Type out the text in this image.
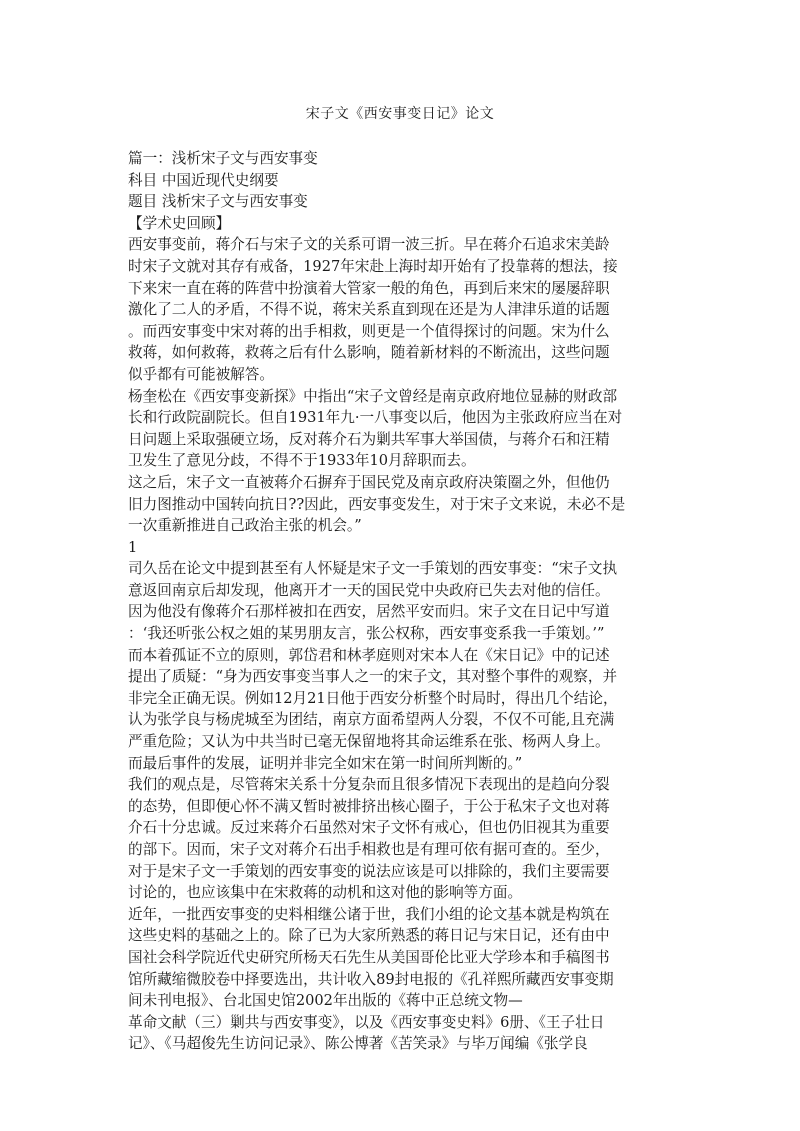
宋子文《西安事变日记》论文
篇一：浅析宋子文与西安事变
科目 中国近现代史纲要
题目 浅析宋子文与西安事变
【学术史回顾】
西安事变前，蒋介石与宋子文的关系可谓一波三折。早在蒋介石追求宋美龄
时宋子文就对其存有戒备，1927年宋赴上海时却开始有了投靠蒋的想法，接
下来宋一直在蒋的阵营中扮演着大管家一般的角色，再到后来宋的屡屡辞职
激化了二人的矛盾，不得不说，蒋宋关系直到现在还是为人津津乐道的话题
。而西安事变中宋对蒋的出手相救，则更是一个值得探讨的问题。宋为什么
救蒋，如何救蒋，救蒋之后有什么影响，随着新材料的不断流出，这些问题
似乎都有可能被解答。
杨奎松在《西安事变新探》中指出“宋子文曾经是南京政府地位显赫的财政部
长和行政院副院长。但自1931年九·一八事变以后，他因为主张政府应当在对
日问题上采取强硬立场，反对蒋介石为剿共军事大举国债，与蒋介石和汪精
卫发生了意见分歧，不得不于1933年10月辞职而去。
这之后，宋子文一直被蒋介石摒弃于国民党及南京政府决策圈之外，但他仍
旧力图推动中国转向抗日??因此，西安事变发生，对于宋子文来说，未必不是
一次重新推进自己政治主张的机会。”
1
司久岳在论文中提到甚至有人怀疑是宋子文一手策划的西安事变：“宋子文执
意返回南京后却发现，他离开才一天的国民党中央政府已失去对他的信任。
因为他没有像蒋介石那样被扣在西安，居然平安而归。宋子文在日记中写道
：‘我还听张公权之姐的某男朋友言，张公权称，西安事变系我一手策划。’”
而本着孤证不立的原则，郭岱君和林孝庭则对宋本人在《宋日记》中的记述
提出了质疑：“身为西安事变当事人之一的宋子文，其对整个事件的观察，并
非完全正确无误。例如12月21日他于西安分析整个时局时，得出几个结论，
认为张学良与杨虎城至为团结，南京方面希望两人分裂，不仅不可能,且充满
严重危险；又认为中共当时已毫无保留地将其命运维系在张、杨两人身上。
而最后事件的发展，证明并非完全如宋在第一时间所判断的。”
我们的观点是，尽管蒋宋关系十分复杂而且很多情况下表现出的是趋向分裂
的态势，但即便心怀不满又暂时被排挤出核心圈子，于公于私宋子文也对蒋
介石十分忠诚。反过来蒋介石虽然对宋子文怀有戒心，但也仍旧视其为重要
的部下。因而，宋子文对蒋介石出手相救也是有理可依有据可查的。至少，
对于是宋子文一手策划的西安事变的说法应该是可以排除的，我们主要需要
讨论的，也应该集中在宋救蒋的动机和这对他的影响等方面。
近年，一批西安事变的史料相继公诸于世，我们小组的论文基本就是构筑在
这些史料的基础之上的。除了已为大家所熟悉的蒋日记与宋日记，还有由中
国社会科学院近代史研究所杨天石先生从美国哥伦比亚大学珍本和手稿图书
馆所藏缩微胶卷中择要选出，共计收入89封电报的《孔祥熙所藏西安事变期
间未刊电报》、台北国史馆2002年出版的《蒋中正总统文物—
革命文献（三）剿共与西安事变》，以及《西安事变史料》6册、《王子壮日
记》、《马超俊先生访问记录》、陈公博著《苦笑录》与毕万闻编《张学良
